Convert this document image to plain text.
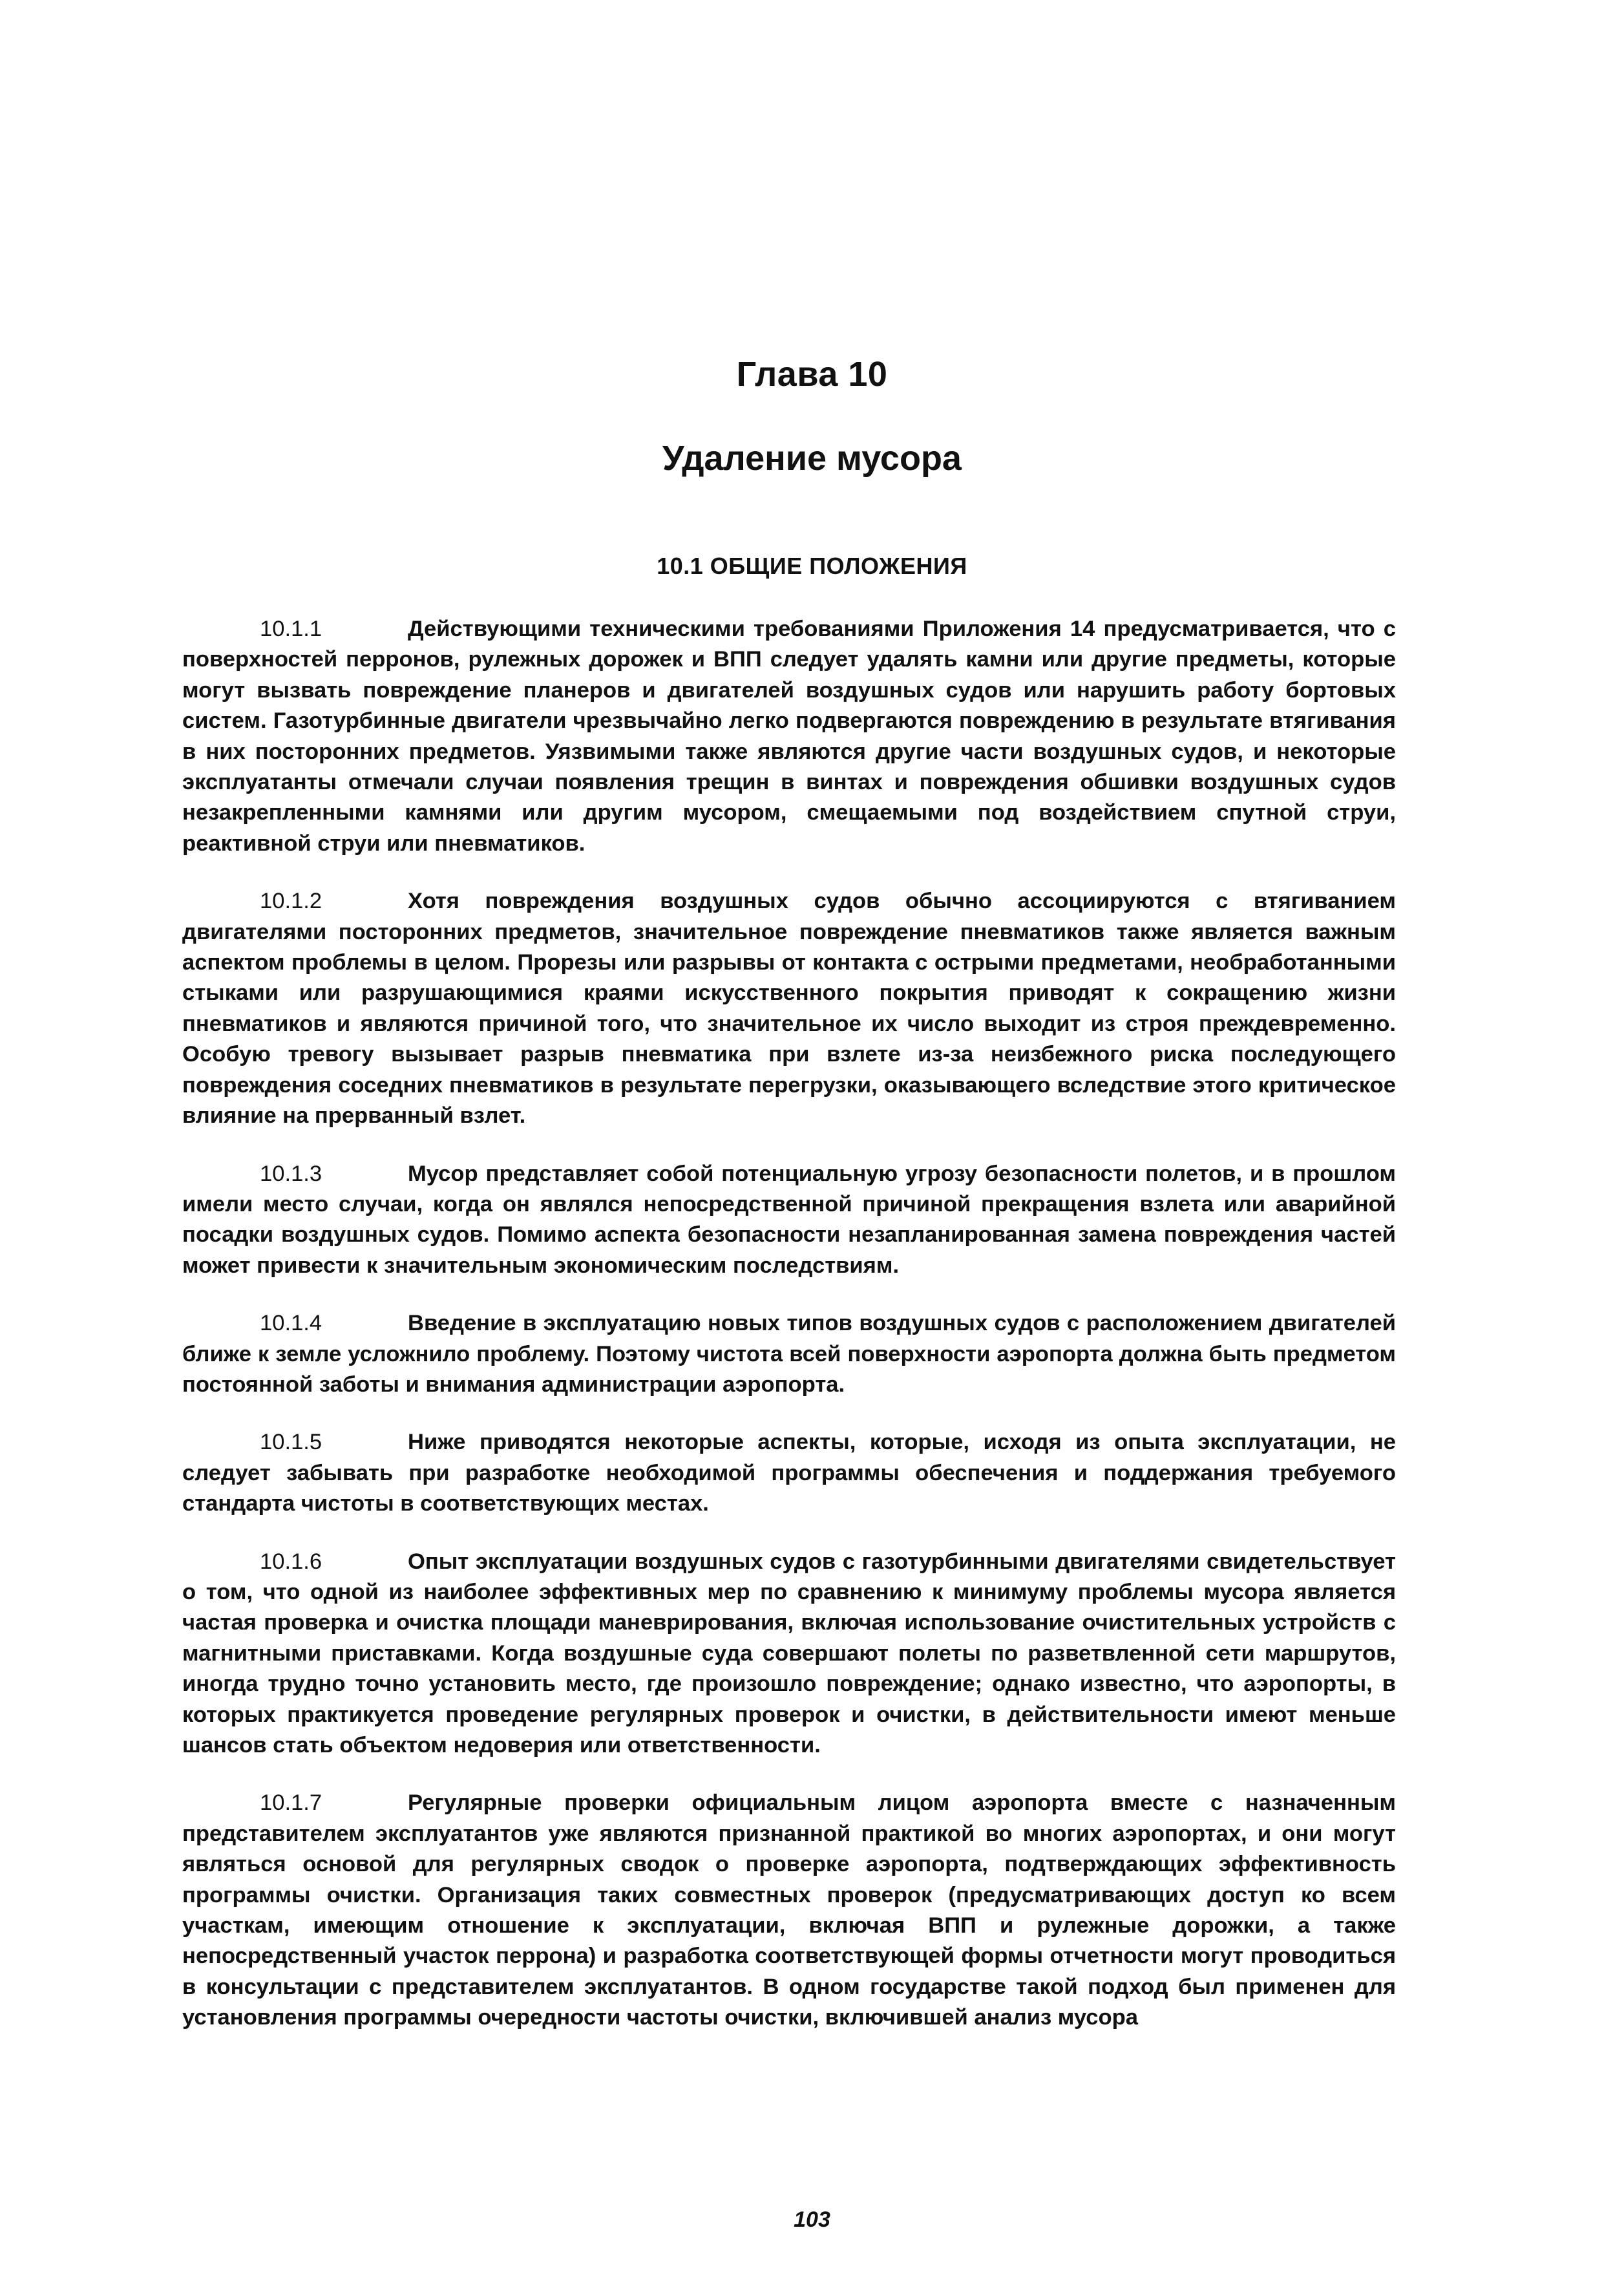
Глава 10
Удаление мусора
10.1 ОБЩИЕ ПОЛОЖЕНИЯ

10.1.1	Действующими техническими требованиями Приложения 14 предусматривается, что с поверхностей перронов, рулежных дорожек и ВПП следует удалять камни или другие предметы, которые могут вызвать повреждение планеров и двигателей воздушных судов или нарушить работу бортовых систем. Газотурбинные двигатели чрезвычайно легко подвергаются повреждению в результате втягивания в них посторонних предметов. Уязвимыми также являются другие части воздушных судов, и некоторые эксплуатанты отмечали случаи появления трещин в винтах и повреждения обшивки воздушных судов незакрепленными камнями или другим мусором, смещаемыми под воздействием спутной струи, реактивной струи или пневматиков.

10.1.2	Хотя повреждения воздушных судов обычно ассоциируются с втягиванием двигателями посторонних предметов, значительное повреждение пневматиков также является важным аспектом проблемы в целом. Прорезы или разрывы от контакта с острыми предметами, необработанными стыками или разрушающимися краями искусственного покрытия приводят к сокращению жизни пневматиков и являются причиной того, что значительное их число выходит из строя преждевременно. Особую тревогу вызывает разрыв пневматика при взлете из-за неизбежного риска последующего повреждения соседних пневматиков в результате перегрузки, оказывающего вследствие этого критическое влияние на прерванный взлет.

10.1.3	Мусор представляет собой потенциальную угрозу безопасности полетов, и в прошлом имели место случаи, когда он являлся непосредственной причиной прекращения взлета или аварийной посадки воздушных судов. Помимо аспекта безопасности незапланированная замена повреждения частей может привести к значительным экономическим последствиям.

10.1.4	Введение в эксплуатацию новых типов воздушных судов с расположением двигателей ближе к земле усложнило проблему. Поэтому чистота всей поверхности аэропорта должна быть предметом постоянной заботы и внимания администрации аэропорта.

10.1.5	Ниже приводятся некоторые аспекты, которые, исходя из опыта эксплуатации, не следует забывать при разработке необходимой программы обеспечения и поддержания требуемого стандарта чистоты в соответствующих местах.

10.1.6	Опыт эксплуатации воздушных судов с газотурбинными двигателями свидетельствует о том, что одной из наиболее эффективных мер по сравнению к минимуму проблемы мусора является частая проверка и очистка площади маневрирования, включая использование очистительных устройств с магнитными приставками. Когда воздушные суда совершают полеты по разветвленной сети маршрутов, иногда трудно точно установить место, где произошло повреждение; однако известно, что аэропорты, в которых практикуется проведение регулярных проверок и очистки, в действительности имеют меньше шансов стать объектом недоверия или ответственности.

10.1.7	Регулярные проверки официальным лицом аэропорта вместе с назначенным представителем эксплуатантов уже являются признанной практикой во многих аэропортах, и они могут являться основой для регулярных сводок о проверке аэропорта, подтверждающих эффективность программы очистки. Организация таких совместных проверок (предусматривающих доступ ко всем участкам, имеющим отношение к эксплуатации, включая ВПП и рулежные дорожки, а также непосредственный участок перрона) и разработка соответствующей формы отчетности могут проводиться в консультации с представителем эксплуатантов. В одном государстве такой подход был применен для установления программы очередности частоты очистки, включившей анализ мусора

103
